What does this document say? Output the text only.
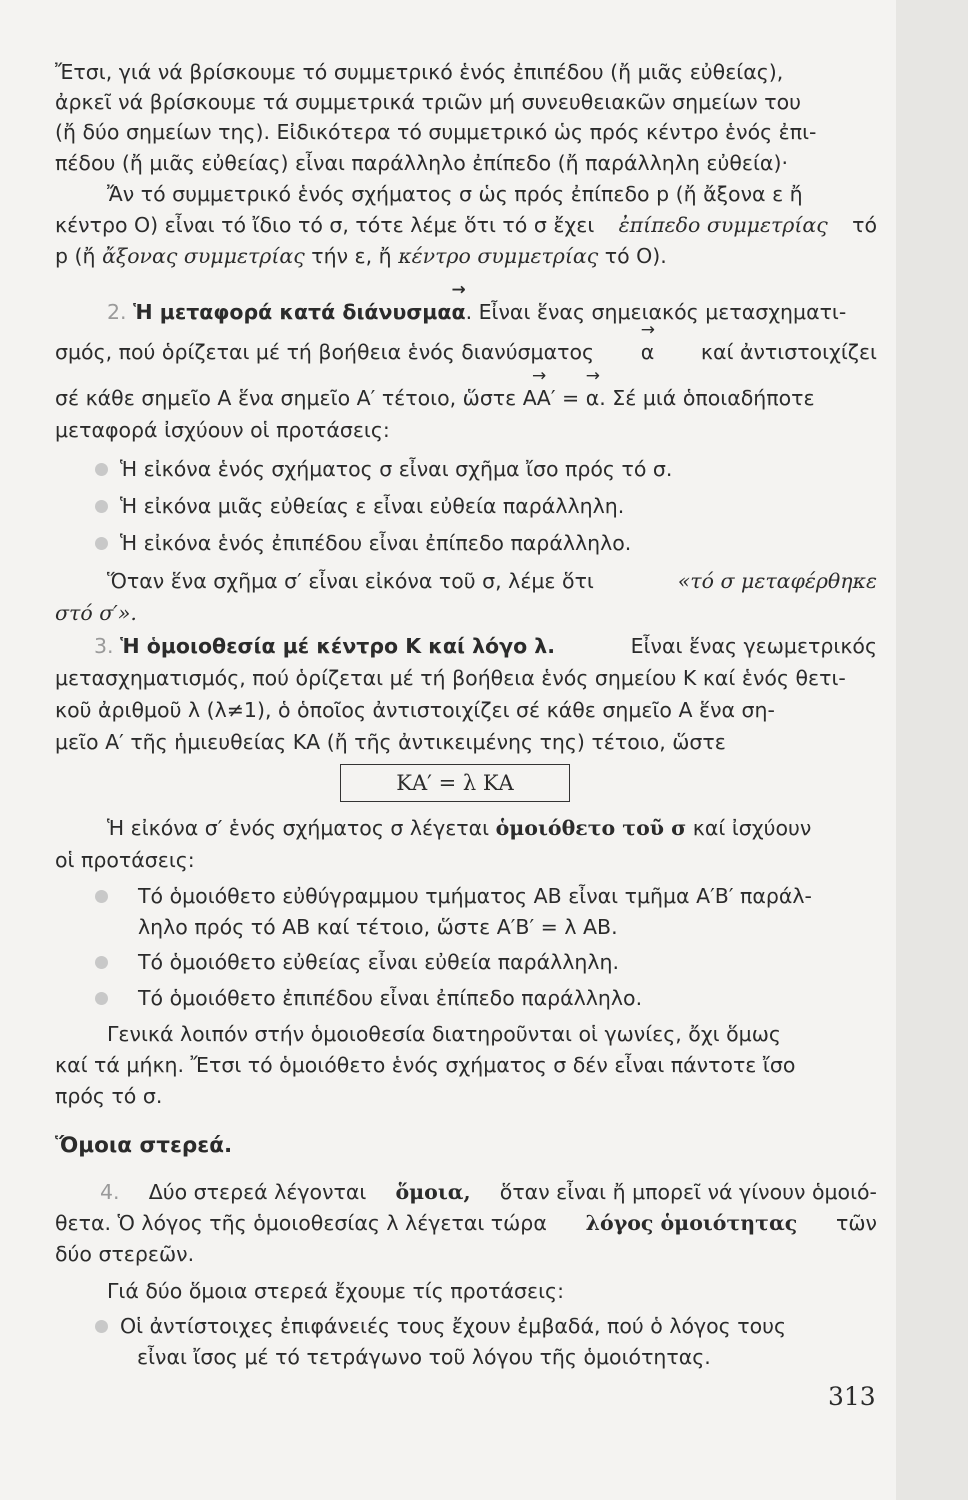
Ἔτσι, γιά νά βρίσκουμε τό συμμετρικό ἑνός ἐπιπέδου (ἤ μιᾶς εὐθείας),
ἀρκεῖ νά βρίσκουμε τά συμμετρικά τριῶν μή συνευθειακῶν σημείων του
(ἤ δύο σημείων της). Εἰδικότερα τό συμμετρικό ὡς πρός κέντρο ἑνός ἐπι-
πέδου (ἤ μιᾶς εὐθείας) εἶναι παράλληλο ἐπίπεδο (ἤ παράλληλη εὐθεία)·
Ἄν τό συμμετρικό ἑνός σχήματος σ ὡς πρός ἐπίπεδο p (ἤ ἄξονα ε ἤ
κέντρο O) εἶναι τό ἴδιο τό σ, τότε λέμε ὅτι τό σ ἔχει ἐπίπεδο συμμετρίας τό
p (ἤ ἄξονας συμμετρίας τήν ε, ἤ κέντρο συμμετρίας τό O).
2. Ἡ μεταφορά κατά διάνυσμα→ α. Εἶναι ἕνας σημειακός μετασχηματι-
σμός, πού ὁρίζεται μέ τή βοήθεια ἑνός διανύσματος → α καί ἀντιστοιχίζει
σέ κάθε σημεῖο Α ἕνα σημεῖο Α′ τέτοιο, ὥστε → ΑΑ′ = → α. Σέ μιά ὁποιαδήποτε
μεταφορά ἰσχύουν οἱ προτάσεις:
Ἡ εἰκόνα ἑνός σχήματος σ εἶναι σχῆμα ἴσο πρός τό σ.
Ἡ εἰκόνα μιᾶς εὐθείας ε εἶναι εὐθεία παράλληλη.
Ἡ εἰκόνα ἑνός ἐπιπέδου εἶναι ἐπίπεδο παράλληλο.
Ὅταν ἕνα σχῆμα σ′ εἶναι εἰκόνα τοῦ σ, λέμε ὅτι	«τό σ μεταφέρθηκε
στό σ′».
3. Ἡ ὁμοιοθεσία μέ κέντρο Κ καί λόγο λ.	Εἶναι ἕνας γεωμετρικός
μετασχηματισμός, πού ὁρίζεται μέ τή βοήθεια ἑνός σημείου Κ καί ἑνός θετι-
κοῦ ἀριθμοῦ λ (λ≠1), ὁ ὁποῖος ἀντιστοιχίζει σέ κάθε σημεῖο Α ἕνα ση-
μεῖο Α′ τῆς ἡμιευθείας ΚΑ (ἤ τῆς ἀντικειμένης της) τέτοιο, ὥστε
ΚΑ′ = λ ΚΑ
Ἡ εἰκόνα σ′ ἑνός σχήματος σ λέγεται ὁμοιόθετο τοῦ σ καί ἰσχύουν
οἱ προτάσεις:
Τό ὁμοιόθετο εὐθύγραμμου τμήματος ΑΒ εἶναι τμῆμα Α′Β′ παράλ-
ληλο πρός τό ΑΒ καί τέτοιο, ὥστε Α′Β′ = λ ΑΒ.
Τό ὁμοιόθετο εὐθείας εἶναι εὐθεία παράλληλη.
Τό ὁμοιόθετο ἐπιπέδου εἶναι ἐπίπεδο παράλληλο.
Γενικά λοιπόν στήν ὁμοιοθεσία διατηροῦνται οἱ γωνίες, ὄχι ὅμως
καί τά μήκη. Ἔτσι τό ὁμοιόθετο ἑνός σχήματος σ δέν εἶναι πάντοτε ἴσο
πρός τό σ.
Ὅμοια στερεά.
4. Δύο στερεά λέγονται ὅμοια, ὅταν εἶναι ἤ μπορεῖ νά γίνουν ὁμοιό-
θετα. Ὁ λόγος τῆς ὁμοιοθεσίας λ λέγεται τώρα λόγος ὁμοιότητας τῶν
δύο στερεῶν.
Γιά δύο ὅμοια στερεά ἔχουμε τίς προτάσεις:
Οἱ ἀντίστοιχες ἐπιφάνειές τους ἔχουν ἐμβαδά, πού ὁ λόγος τους
εἶναι ἴσος μέ τό τετράγωνο τοῦ λόγου τῆς ὁμοιότητας.
313
